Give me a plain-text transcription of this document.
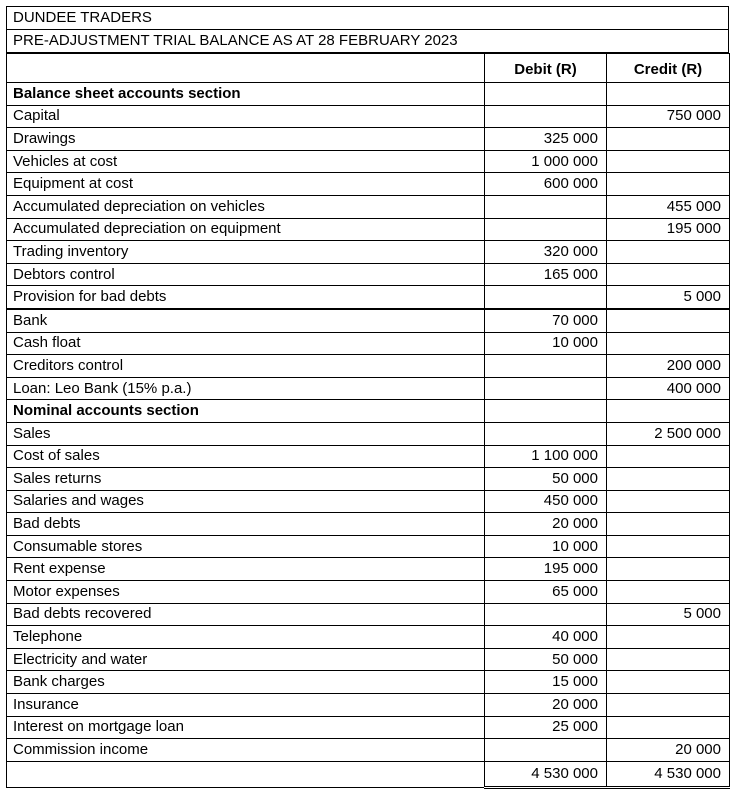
DUNDEE TRADERS
PRE-ADJUSTMENT TRIAL BALANCE AS AT 28 FEBRUARY 2023
	Debit (R)	Credit (R)
Balance sheet accounts section		
Capital		750 000
Drawings	325 000	
Vehicles at cost	1 000 000	
Equipment at cost	600 000	
Accumulated depreciation on vehicles		455 000
Accumulated depreciation on equipment		195 000
Trading inventory	320 000	
Debtors control	165 000	
Provision for bad debts		5 000
Bank	70 000	
Cash float	10 000	
Creditors control		200 000
Loan: Leo Bank (15% p.a.)		400 000
Nominal accounts section		
Sales		2 500 000
Cost of sales	1 100 000	
Sales returns	50 000	
Salaries and wages	450 000	
Bad debts	20 000	
Consumable stores	10 000	
Rent expense	195 000	
Motor expenses	65 000	
Bad debts recovered		5 000
Telephone	40 000	
Electricity and water	50 000	
Bank charges	15 000	
Insurance	20 000	
Interest on mortgage loan	25 000	
Commission income		20 000
	4 530 000	4 530 000
